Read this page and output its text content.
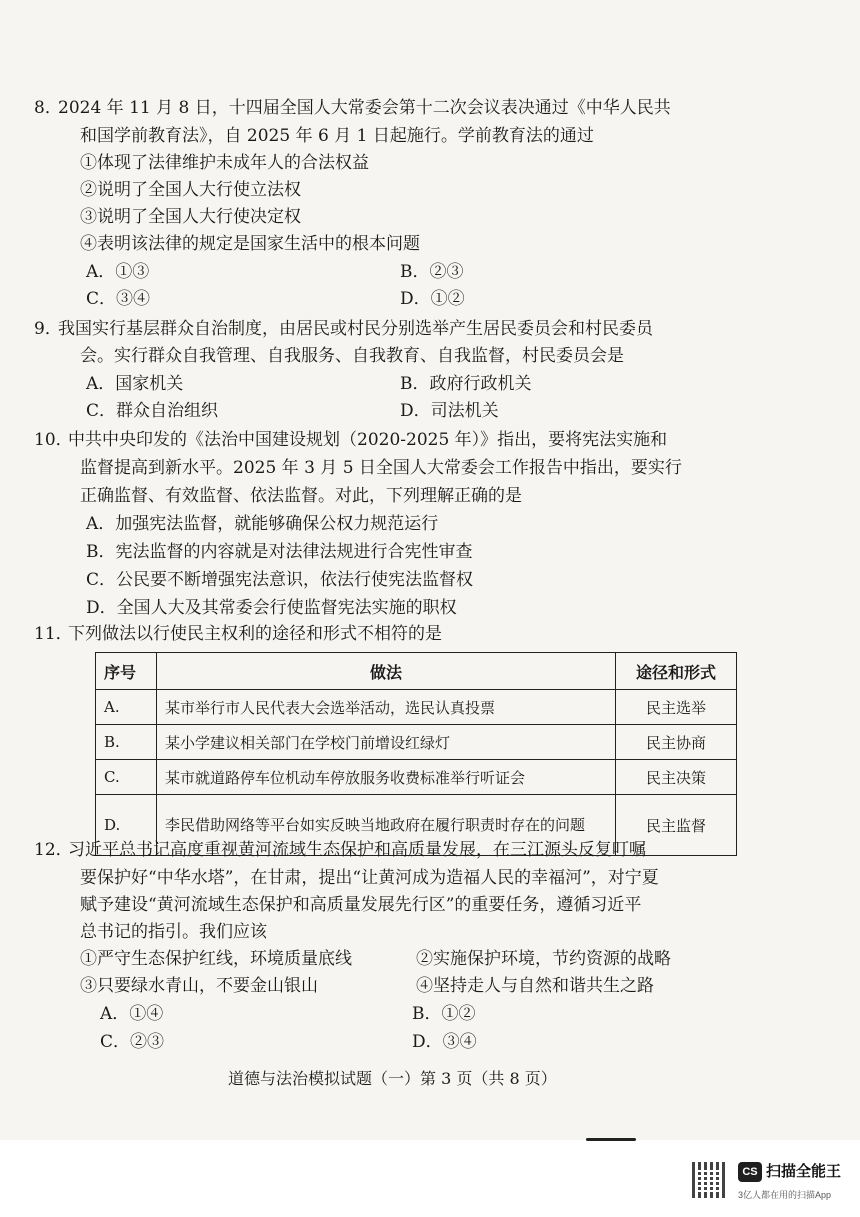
8．
2024 年 11 月 8 日，十四届全国人大常委会第十二次会议表决通过《中华人民共
和国学前教育法》，自 2025 年 6 月 1 日起施行。学前教育法的通过
①体现了法律维护未成年人的合法权益
②说明了全国人大行使立法权
③说明了全国人大行使决定权
④表明该法律的规定是国家生活中的根本问题
A．①③	B．②③
C．③④	D．①②
9．
我国实行基层群众自治制度，由居民或村民分别选举产生居民委员会和村民委员
会。实行群众自我管理、自我服务、自我教育、自我监督，村民委员会是
A．国家机关	B．政府行政机关
C．群众自治组织	D．司法机关
10．
中共中央印发的《法治中国建设规划（2020-2025 年）》指出，要将宪法实施和
监督提高到新水平。2025 年 3 月 5 日全国人大常委会工作报告中指出，要实行
正确监督、有效监督、依法监督。对此，下列理解正确的是
A．加强宪法监督，就能够确保公权力规范运行
B．宪法监督的内容就是对法律法规进行合宪性审查
C．公民要不断增强宪法意识，依法行使宪法监督权
D．全国人大及其常委会行使监督宪法实施的职权
11．
下列做法以行使民主权利的途径和形式不相符的是
序号	做法	途径和形式
A.	某市举行市人民代表大会选举活动，选民认真投票	民主选举
B.	某小学建议相关部门在学校门前增设红绿灯	民主协商
C.	某市就道路停车位机动车停放服务收费标准举行听证会	民主决策
D.	李民借助网络等平台如实反映当地政府在履行职责时存在的问题	民主监督
12．
习近平总书记高度重视黄河流域生态保护和高质量发展，在三江源头反复叮嘱
要保护好“中华水塔”，在甘肃，提出“让黄河成为造福人民的幸福河”，对宁夏
赋予建设“黄河流域生态保护和高质量发展先行区”的重要任务，遵循习近平
总书记的指引。我们应该
①严守生态保护红线，环境质量底线	②实施保护环境，节约资源的战略
③只要绿水青山，不要金山银山	④坚持走人与自然和谐共生之路
A．①④	B．①②
C．②③	D．③④
道德与法治模拟试题（一）第 3 页（共 8 页）
CS 扫描全能王
3亿人都在用的扫描App
